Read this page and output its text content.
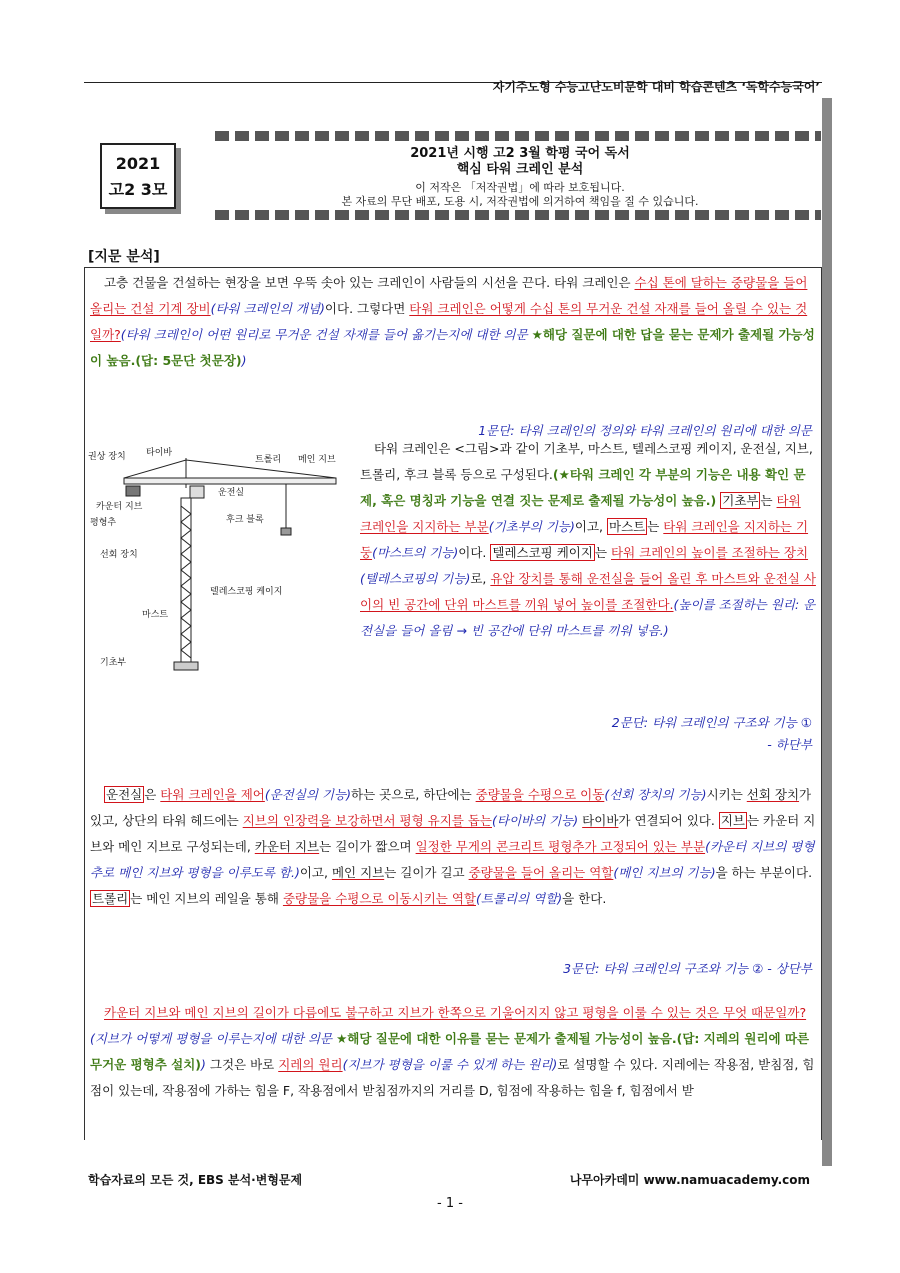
자기주도형 수능고난도비문학 대비 학습콘텐츠 ‘독학수능국어’
2021
고2 3모
2021년 시행 고2 3월 학평 국어 독서
핵심 타워 크레인 분석
이 저작은 「저작권법」에 따라 보호됩니다.
본 자료의 무단 배포, 도용 시, 저작권법에 의거하여 책임을 질 수 있습니다.
[지문 분석]
고층 건물을 건설하는 현장을 보면 우뚝 솟아 있는 크레인이 사람들의 시선을 끈다. 타워 크레인은 수십 톤에 달하는 중량물을 들어 올리는 건설 기계 장비(타워 크레인의 개념)이다. 그렇다면 타워 크레인은 어떻게 수십 톤의 무거운 건설 자재를 들어 올릴 수 있는 것일까?(타워 크레인이 어떤 원리로 무거운 건설 자재를 들어 옮기는지에 대한 의문 ★해당 질문에 대한 답을 묻는 문제가 출제될 가능성이 높음.(답: 5문단 첫문장))
1문단: 타워 크레인의 정의와 타워 크레인의 원리에 대한 의문
권상 장치 타이바
트롤리 메인 지브
운전실
카운터 지브
평형추	후크 블록
선회 장치
텔레스코핑 케이지
마스트
기초부
타워 크레인은 <그림>과 같이 기초부, 마스트, 텔레스코핑 케이지, 운전실, 지브, 트롤리, 후크 블록 등으로 구성된다.(★타워 크레인 각 부분의 기능은 내용 확인 문제, 혹은 명칭과 기능을 연결 짓는 문제로 출제될 가능성이 높음.) 기초부 는 타워 크레인을 지지하는 부분(기초부의 기능)이고, 마스트 는 타워 크레인을 지지하는 기둥(마스트의 기능)이다. 텔레스코핑 케이지 는 타워 크레인의 높이를 조절하는 장치(텔레스코핑의 기능)로, 유압 장치를 통해 운전실을 들어 올린 후 마스트와 운전실 사이의 빈 공간에 단위 마스트를 끼워 넣어 높이를 조절한다.(높이를 조절하는 원리: 운전실을 들어 올림 → 빈 공간에 단위 마스트를 끼워 넣음.)
2문단: 타워 크레인의 구조와 기능 ①
- 하단부
운전실 은 타워 크레인을 제어(운전실의 기능)하는 곳으로, 하단에는 중량물을 수평으로 이동(선회 장치의 기능)시키는 선회 장치가 있고, 상단의 타워 헤드에는 지브의 인장력을 보강하면서 평형 유지를 돕는(타이바의 기능) 타이바가 연결되어 있다. 지브 는 카운터 지브와 메인 지브로 구성되는데, 카운터 지브는 길이가 짧으며 일정한 무게의 콘크리트 평형추가 고정되어 있는 부분(카운터 지브의 평형추로 메인 지브와 평형을 이루도록 함.)이고, 메인 지브는 길이가 길고 중량물을 들어 올리는 역할(메인 지브의 기능)을 하는 부분이다. 트롤리 는 메인 지브의 레일을 통해 중량물을 수평으로 이동시키는 역할(트롤리의 역할)을 한다.
3문단: 타워 크레인의 구조와 기능 ② - 상단부
카운터 지브와 메인 지브의 길이가 다름에도 불구하고 지브가 한쪽으로 기울어지지 않고 평형을 이룰 수 있는 것은 무엇 때문일까?(지브가 어떻게 평형을 이루는지에 대한 의문 ★해당 질문에 대한 이유를 묻는 문제가 출제될 가능성이 높음.(답: 지레의 원리에 따른 무거운 평형추 설치)) 그것은 바로 지레의 원리(지브가 평형을 이룰 수 있게 하는 원리)로 설명할 수 있다. 지레에는 작용점, 받침점, 힘점이 있는데, 작용점에 가하는 힘을 F, 작용점에서 받침점까지의 거리를 D, 힘점에 작용하는 힘을 f, 힘점에서 받
학습자료의 모든 것, EBS 분석·변형문제	나무아카데미 www.namuacademy.com
- 1 -
